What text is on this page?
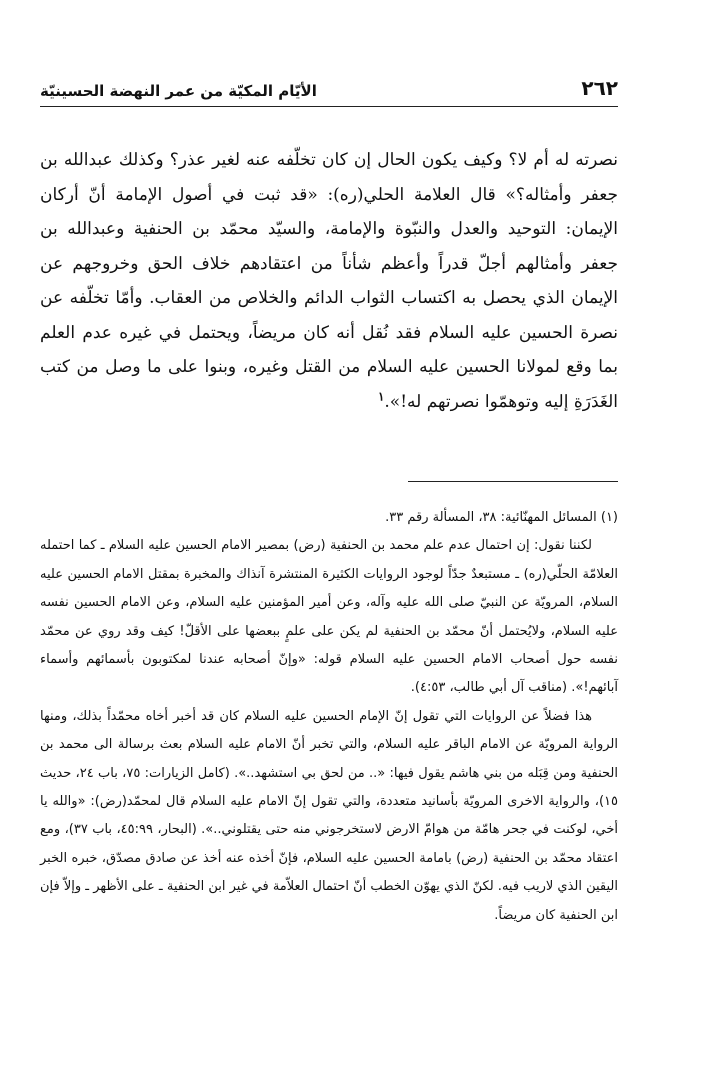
٢٦٢
الأيّام المكيّة من عمر النهضة الحسينيّة

نصرته له أم لا؟ وكيف يكون الحال إن كان تخلّفه عنه لغير عذر؟ وكذلك عبدالله بن جعفر وأمثاله؟» قال العلامة الحلي(ره): «قد ثبت في أصول الإمامة أنّ أركان الإيمان: التوحيد والعدل والنبّوة والإمامة، والسيّد محمّد بن الحنفية وعبدالله بن جعفر وأمثالهم أجلّ قدراً وأعظم شأناً من اعتقادهم خلاف الحق وخروجهم عن الإيمان الذي يحصل به اكتساب الثواب الدائم والخلاص من العقاب. وأمّا تخلّفه عن نصرة الحسين عليه السلام فقد نُقل أنه كان مريضاً، ويحتمل في غيره عدم العلم بما وقع لمولانا الحسين عليه السلام من القتل وغيره، وبنوا على ما وصل من كتب الغَدَرَةِ إليه وتوهمّوا نصرتهم له!».$^١$

(١) المسائل المهنّائية: ٣٨، المسألة رقم ٣٣.

لكننا نقول: إن احتمال عدم علم محمد بن الحنفية (رض) بمصير الامام الحسين عليه السلام ـ كما احتمله العلامّة الحلّي(ره) ـ مستبعدٌ جدّاً لوجود الروايات الكثيرة المنتشرة آنذاك والمخبرة بمقتل الامام الحسين عليه السلام، المرويّة عن النبيّ صلى الله عليه وآله، وعن أمير المؤمنين عليه السلام، وعن الامام الحسين نفسه عليه السلام، ولايُحتمل أنّ محمّد بن الحنفية لم يكن على علمٍ ببعضها على الأقلّ! كيف وقد روي عن محمّد نفسه حول أصحاب الامام الحسين عليه السلام قوله: «وإنّ أصحابه عندنا لمكتوبون بأسمائهم وأسماء آبائهم!». (مناقب آل أبي طالب، ٤:٥٣).

هذا فضلاً عن الروايات التي تقول إنّ الإمام الحسين عليه السلام كان قد أخبر أخاه محمّداً بذلك، ومنها الرواية المرويّة عن الامام الباقر عليه السلام، والتي تخبر أنّ الامام عليه السلام بعث برسالة الى محمد بن الحنفية ومن قِبَله من بني هاشم يقول فيها: «.. من لحق بي استشهد..». (كامل الزيارات: ٧٥، باب ٢٤، حديث ١٥)، والرواية الاخرى المرويّة بأسانيد متعددة، والتي تقول إنّ الامام عليه السلام قال لمحمّد(رض): «والله يا أخي، لوكنت في جحر هامّة من هوامّ الارض لاستخرجوني منه حتى يقتلوني..». (البحار، ٤٥:٩٩، باب ٣٧)، ومع اعتقاد محمّد بن الحنفية (رض) بامامة الحسين عليه السلام، فإنّ أخذه عنه أخذ عن صادق مصدّق، خبره الخبر اليقين الذي لاريب فيه. لكنّ الذي يهوّن الخطب أنّ احتمال العلاّمة في غير ابن الحنفية ـ على الأظهر ـ وإلاّ فإن ابن الحنفية كان مريضاً.
